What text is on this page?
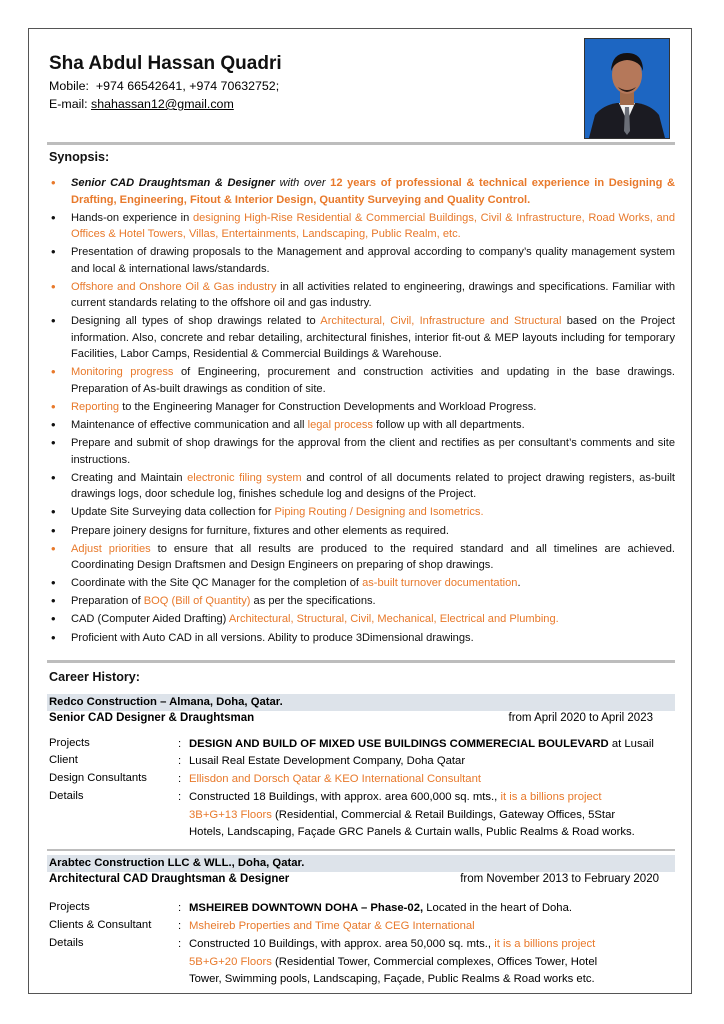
Sha Abdul Hassan Quadri
Mobile: +974 66542641, +974 70632752;
E-mail: shahassan12@gmail.com
Synopsis:
• Senior CAD Draughtsman & Designer with over 12 years of professional & technical experience in Designing & Drafting, Engineering, Fitout & Interior Design, Quantity Surveying and Quality Control.
• Hands-on experience in designing High-Rise Residential & Commercial Buildings, Civil & Infrastructure, Road Works, and Offices & Hotel Towers, Villas, Entertainments, Landscaping, Public Realm, etc.
• Presentation of drawing proposals to the Management and approval according to company’s quality management system and local & international laws/standards.
• Offshore and Onshore Oil & Gas industry in all activities related to engineering, drawings and specifications. Familiar with current standards relating to the offshore oil and gas industry.
• Designing all types of shop drawings related to Architectural, Civil, Infrastructure and Structural based on the Project information. Also, concrete and rebar detailing, architectural finishes, interior fit-out & MEP layouts including for temporary Facilities, Labor Camps, Residential & Commercial Buildings & Warehouse.
• Monitoring progress of Engineering, procurement and construction activities and updating in the base drawings. Preparation of As-built drawings as condition of site.
• Reporting to the Engineering Manager for Construction Developments and Workload Progress.
• Maintenance of effective communication and all legal process follow up with all departments.
• Prepare and submit of shop drawings for the approval from the client and rectifies as per consultant’s comments and site instructions.
• Creating and Maintain electronic filing system and control of all documents related to project drawing registers, as-built drawings logs, door schedule log, finishes schedule log and designs of the Project.
• Update Site Surveying data collection for Piping Routing / Designing and Isometrics.
• Prepare joinery designs for furniture, fixtures and other elements as required.
• Adjust priorities to ensure that all results are produced to the required standard and all timelines are achieved. Coordinating Design Draftsmen and Design Engineers on preparing of shop drawings.
• Coordinate with the Site QC Manager for the completion of as-built turnover documentation.
• Preparation of BOQ (Bill of Quantity) as per the specifications.
• CAD (Computer Aided Drafting) Architectural, Structural, Civil, Mechanical, Electrical and Plumbing.
• Proficient with Auto CAD in all versions. Ability to produce 3Dimensional drawings.
Career History:
Redco Construction – Almana, Doha, Qatar.
Senior CAD Designer & Draughtsman	from April 2020 to April 2023
Projects	: DESIGN AND BUILD OF MIXED USE BUILDINGS COMMERECIAL BOULEVARD at Lusail
Client	: Lusail Real Estate Development Company, Doha Qatar
Design Consultants	: Ellisdon and Dorsch Qatar & KEO International Consultant
Details	: Constructed 18 Buildings, with approx. area 600,000 sq. mts., it is a billions project
3B+G+13 Floors (Residential, Commercial & Retail Buildings, Gateway Offices, 5Star
Hotels, Landscaping, Façade GRC Panels & Curtain walls, Public Realms & Road works.
Arabtec Construction LLC & WLL., Doha, Qatar.
Architectural CAD Draughtsman & Designer	from November 2013 to February 2020
Projects	: MSHEIREB DOWNTOWN DOHA – Phase-02, Located in the heart of Doha.
Clients & Consultant : Msheireb Properties and Time Qatar & CEG International
Details	: Constructed 10 Buildings, with approx. area 50,000 sq. mts., it is a billions project
5B+G+20 Floors (Residential Tower, Commercial complexes, Offices Tower, Hotel
Tower, Swimming pools, Landscaping, Façade, Public Realms & Road works etc.
